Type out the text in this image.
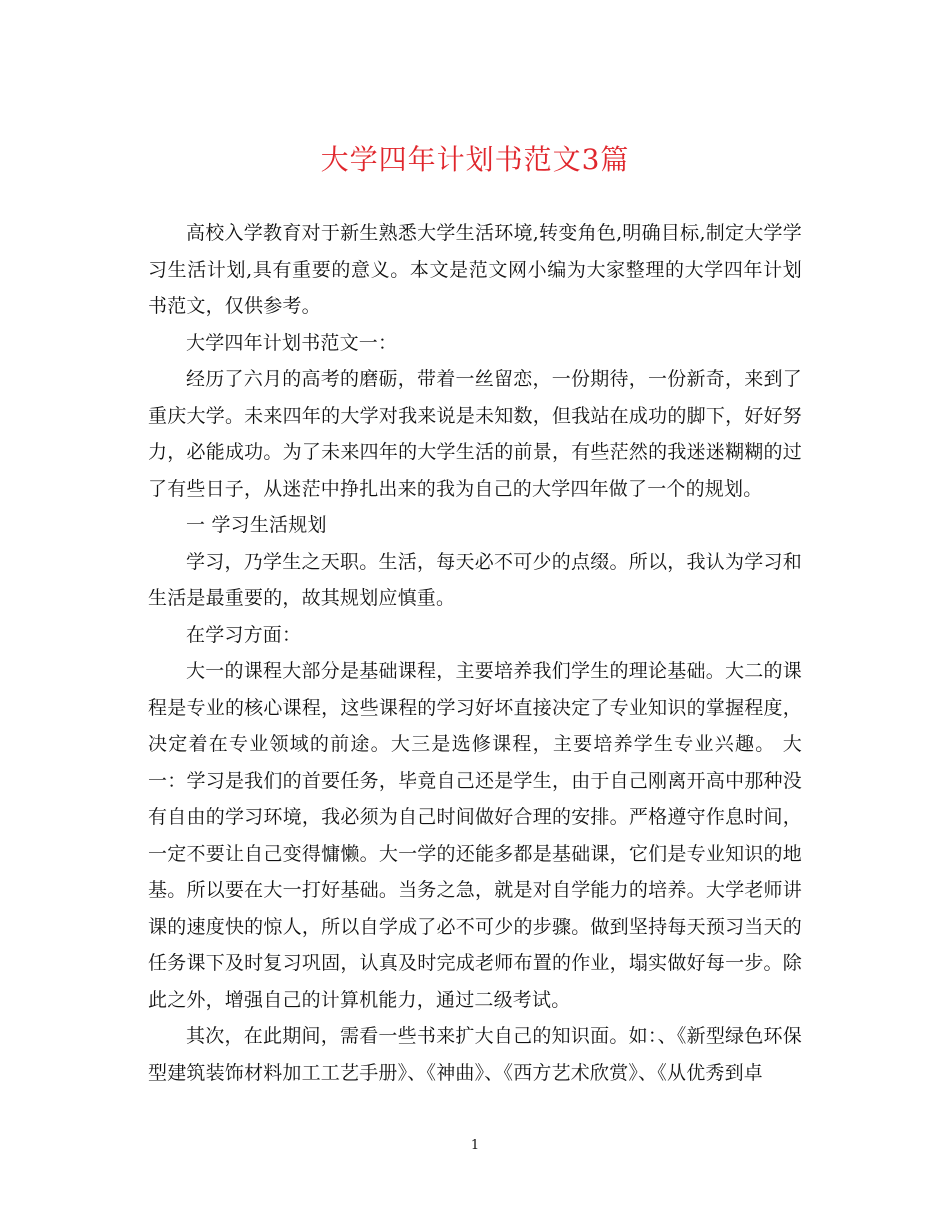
大学四年计划书范文3篇

高校入学教育对于新生熟悉大学生活环境,转变角色,明确目标,制定大学学习生活计划,具有重要的意义。本文是范文网小编为大家整理的大学四年计划书范文，仅供参考。

大学四年计划书范文一：

经历了六月的高考的磨砺，带着一丝留恋，一份期待，一份新奇，来到了重庆大学。未来四年的大学对我来说是未知数，但我站在成功的脚下，好好努力，必能成功。为了未来四年的大学生活的前景，有些茫然的我迷迷糊糊的过了有些日子，从迷茫中挣扎出来的我为自己的大学四年做了一个的规划。

一 学习生活规划

学习，乃学生之天职。生活，每天必不可少的点缀。所以，我认为学习和生活是最重要的，故其规划应慎重。

在学习方面：

大一的课程大部分是基础课程，主要培养我们学生的理论基础。大二的课程是专业的核心课程，这些课程的学习好坏直接决定了专业知识的掌握程度，决定着在专业领域的前途。大三是选修课程，主要培养学生专业兴趣。 大一：学习是我们的首要任务，毕竟自己还是学生，由于自己刚离开高中那种没有自由的学习环境，我必须为自己时间做好合理的安排。严格遵守作息时间，一定不要让自己变得慵懒。大一学的还能多都是基础课，它们是专业知识的地基。所以要在大一打好基础。当务之急，就是对自学能力的培养。大学老师讲课的速度快的惊人，所以自学成了必不可少的步骤。做到坚持每天预习当天的任务课下及时复习巩固，认真及时完成老师布置的作业，塌实做好每一步。除此之外，增强自己的计算机能力，通过二级考试。

其次，在此期间，需看一些书来扩大自己的知识面。如：、《新型绿色环保型建筑装饰材料加工工艺手册》、《神曲》、《西方艺术欣赏》、《从优秀到卓

1
